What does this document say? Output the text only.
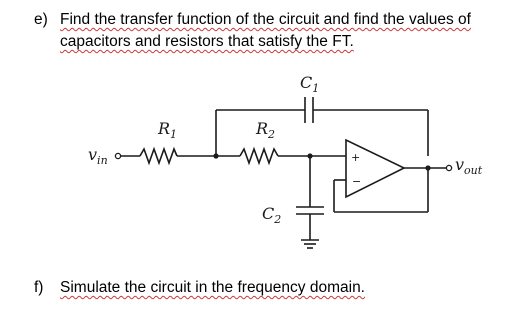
e) Find the transfer function of the circuit and find the values of
capacitors and resistors that satisfy the FT.
+
−
$C_1$
$R_1$	$R_2$
$C_2$
$v_{in}$	$v_{out}$
f) Simulate the circuit in the frequency domain.
